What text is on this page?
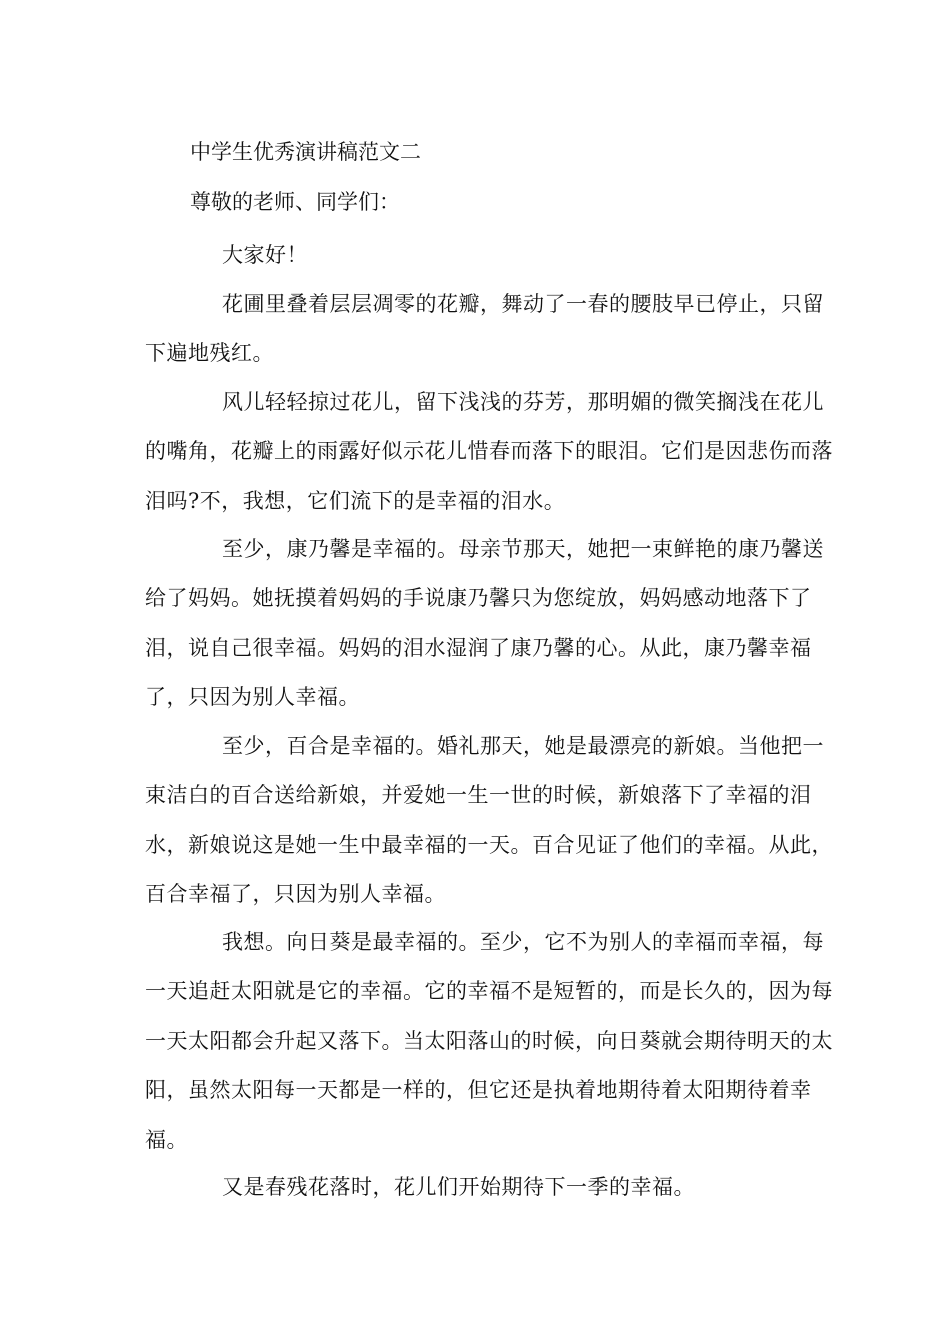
中学生优秀演讲稿范文二

尊敬的老师、同学们：

大家好！

花圃里叠着层层凋零的花瓣，舞动了一春的腰肢早已停止，只留下遍地残红。

风儿轻轻掠过花儿，留下浅浅的芬芳，那明媚的微笑搁浅在花儿的嘴角，花瓣上的雨露好似示花儿惜春而落下的眼泪。它们是因悲伤而落泪吗?不，我想，它们流下的是幸福的泪水。

至少，康乃馨是幸福的。母亲节那天，她把一束鲜艳的康乃馨送给了妈妈。她抚摸着妈妈的手说康乃馨只为您绽放，妈妈感动地落下了泪，说自己很幸福。妈妈的泪水湿润了康乃馨的心。从此，康乃馨幸福了，只因为别人幸福。

至少，百合是幸福的。婚礼那天，她是最漂亮的新娘。当他把一束洁白的百合送给新娘，并爱她一生一世的时候，新娘落下了幸福的泪水，新娘说这是她一生中最幸福的一天。百合见证了他们的幸福。从此，百合幸福了，只因为别人幸福。

我想。向日葵是最幸福的。至少，它不为别人的幸福而幸福，每一天追赶太阳就是它的幸福。它的幸福不是短暂的，而是长久的，因为每一天太阳都会升起又落下。当太阳落山的时候，向日葵就会期待明天的太阳，虽然太阳每一天都是一样的，但它还是执着地期待着太阳期待着幸福。

又是春残花落时，花儿们开始期待下一季的幸福。
